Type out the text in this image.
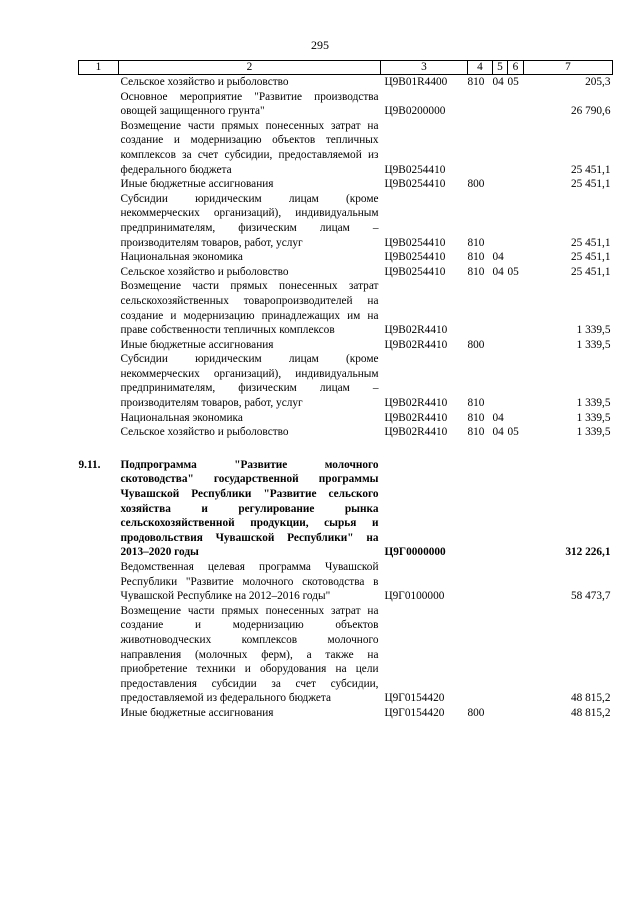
295
1	2	3	4	5	6	7
	Сельское хозяйство и рыболовство	Ц9В01R4400	810	04	05	205,3
	Основное мероприятие "Развитие производства овощей защищенного грунта"	Ц9В0200000				26 790,6
	Возмещение части прямых понесенных затрат на создание и модернизацию объектов тепличных комплексов за счет субсидии, предоставляемой из федерального бюджета	Ц9В0254410				25 451,1
	Иные бюджетные ассигнования	Ц9В0254410	800			25 451,1
	Субсидии юридическим лицам (кроме некоммерческих организаций), индивидуальным предпринимателям, физическим лицам – производителям товаров, работ, услуг	Ц9В0254410	810			25 451,1
	Национальная экономика	Ц9В0254410	810	04		25 451,1
	Сельское хозяйство и рыболовство	Ц9В0254410	810	04	05	25 451,1
	Возмещение части прямых понесенных затрат сельскохозяйственных товаропроизводителей на создание и модернизацию принадлежащих им на праве собственности тепличных комплексов	Ц9В02R4410				1 339,5
	Иные бюджетные ассигнования	Ц9В02R4410	800			1 339,5
	Субсидии юридическим лицам (кроме некоммерческих организаций), индивидуальным предпринимателям, физическим лицам – производителям товаров, работ, услуг	Ц9В02R4410	810			1 339,5
	Национальная экономика	Ц9В02R4410	810	04		1 339,5
	Сельское хозяйство и рыболовство	Ц9В02R4410	810	04	05	1 339,5

9.11.	Подпрограмма "Развитие молочного скотоводства" государственной программы Чувашской Республики "Развитие сельского хозяйства и регулирование рынка сельскохозяйственной продукции, сырья и продовольствия Чувашской Республики" на 2013–2020 годы	Ц9Г0000000				312 226,1
	Ведомственная целевая программа Чувашской Республики "Развитие молочного скотоводства в Чувашской Республике на 2012–2016 годы"	Ц9Г0100000				58 473,7
	Возмещение части прямых понесенных затрат на создание и модернизацию объектов животноводческих комплексов молочного направления (молочных ферм), а также на приобретение техники и оборудования на цели предоставления субсидии за счет субсидии, предоставляемой из федерального бюджета	Ц9Г0154420				48 815,2
	Иные бюджетные ассигнования	Ц9Г0154420	800			48 815,2
